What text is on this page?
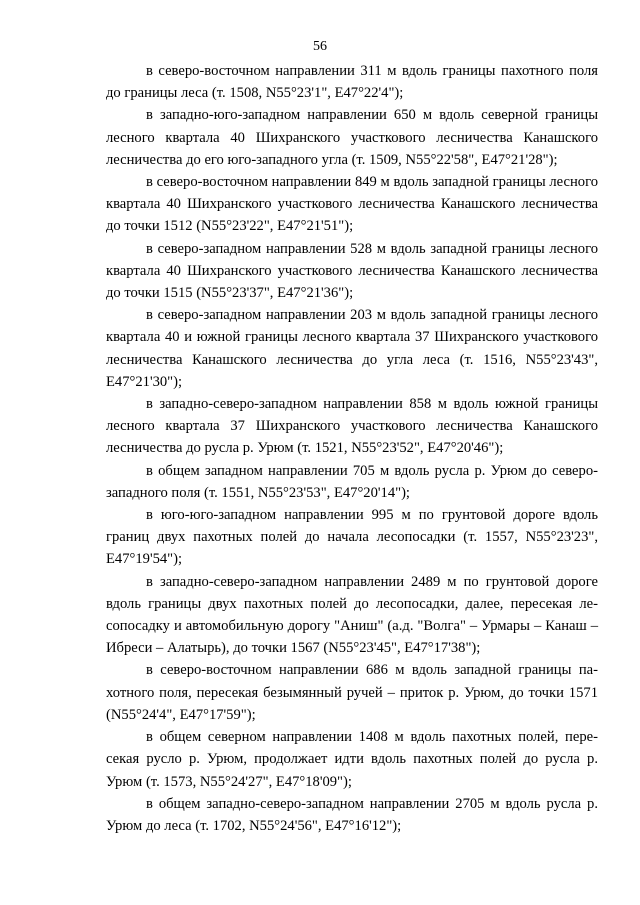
56

в северо-восточном направлении 311 м вдоль границы пахотного поля до границы леса (т. 1508, N55°23'1", E47°22'4");

в западно-юго-западном направлении 650 м вдоль северной границы лесного квартала 40 Шихранского участкового лесничества Канашского лесничества до его юго-западного угла (т. 1509, N55°22'58", E47°21'28");

в северо-восточном направлении 849 м вдоль западной границы лесного квартала 40 Шихранского участкового лесничества Канашского лесничества до точки 1512 (N55°23'22", E47°21'51");

в северо-западном направлении 528 м вдоль западной границы лесного квартала 40 Шихранского участкового лесничества Канашского лесничества до точки 1515 (N55°23'37", E47°21'36");

в северо-западном направлении 203 м вдоль западной границы лесного квартала 40 и южной границы лесного квартала 37 Шихранского участкового лесничества Канашского лесничества до угла леса (т. 1516, N55°23'43", E47°21'30");

в западно-северо-западном направлении 858 м вдоль южной границы лесного квартала 37 Шихранского участкового лесничества Канашского лесничества до русла р. Урюм (т. 1521, N55°23'52", E47°20'46");

в общем западном направлении 705 м вдоль русла р. Урюм до северо-западного поля (т. 1551, N55°23'53", E47°20'14");

в юго-юго-западном направлении 995 м по грунтовой дороге вдоль границ двух пахотных полей до начала лесопосадки (т. 1557, N55°23'23", E47°19'54");

в западно-северо-западном направлении 2489 м по грунтовой дороге вдоль границы двух пахотных полей до лесопосадки, далее, пересекая лесопосадку и автомобильную дорогу "Аниш" (а.д. "Волга" – Урмары – Канаш – Ибреси – Алатырь), до точки 1567 (N55°23'45", E47°17'38");

в северо-восточном направлении 686 м вдоль западной границы пахотного поля, пересекая безымянный ручей – приток р. Урюм, до точки 1571 (N55°24'4", E47°17'59");

в общем северном направлении 1408 м вдоль пахотных полей, пересекая русло р. Урюм, продолжает идти вдоль пахотных полей до русла р. Урюм (т. 1573, N55°24'27", E47°18'09");

в общем западно-северо-западном направлении 2705 м вдоль русла р. Урюм до леса (т. 1702, N55°24'56", E47°16'12");
